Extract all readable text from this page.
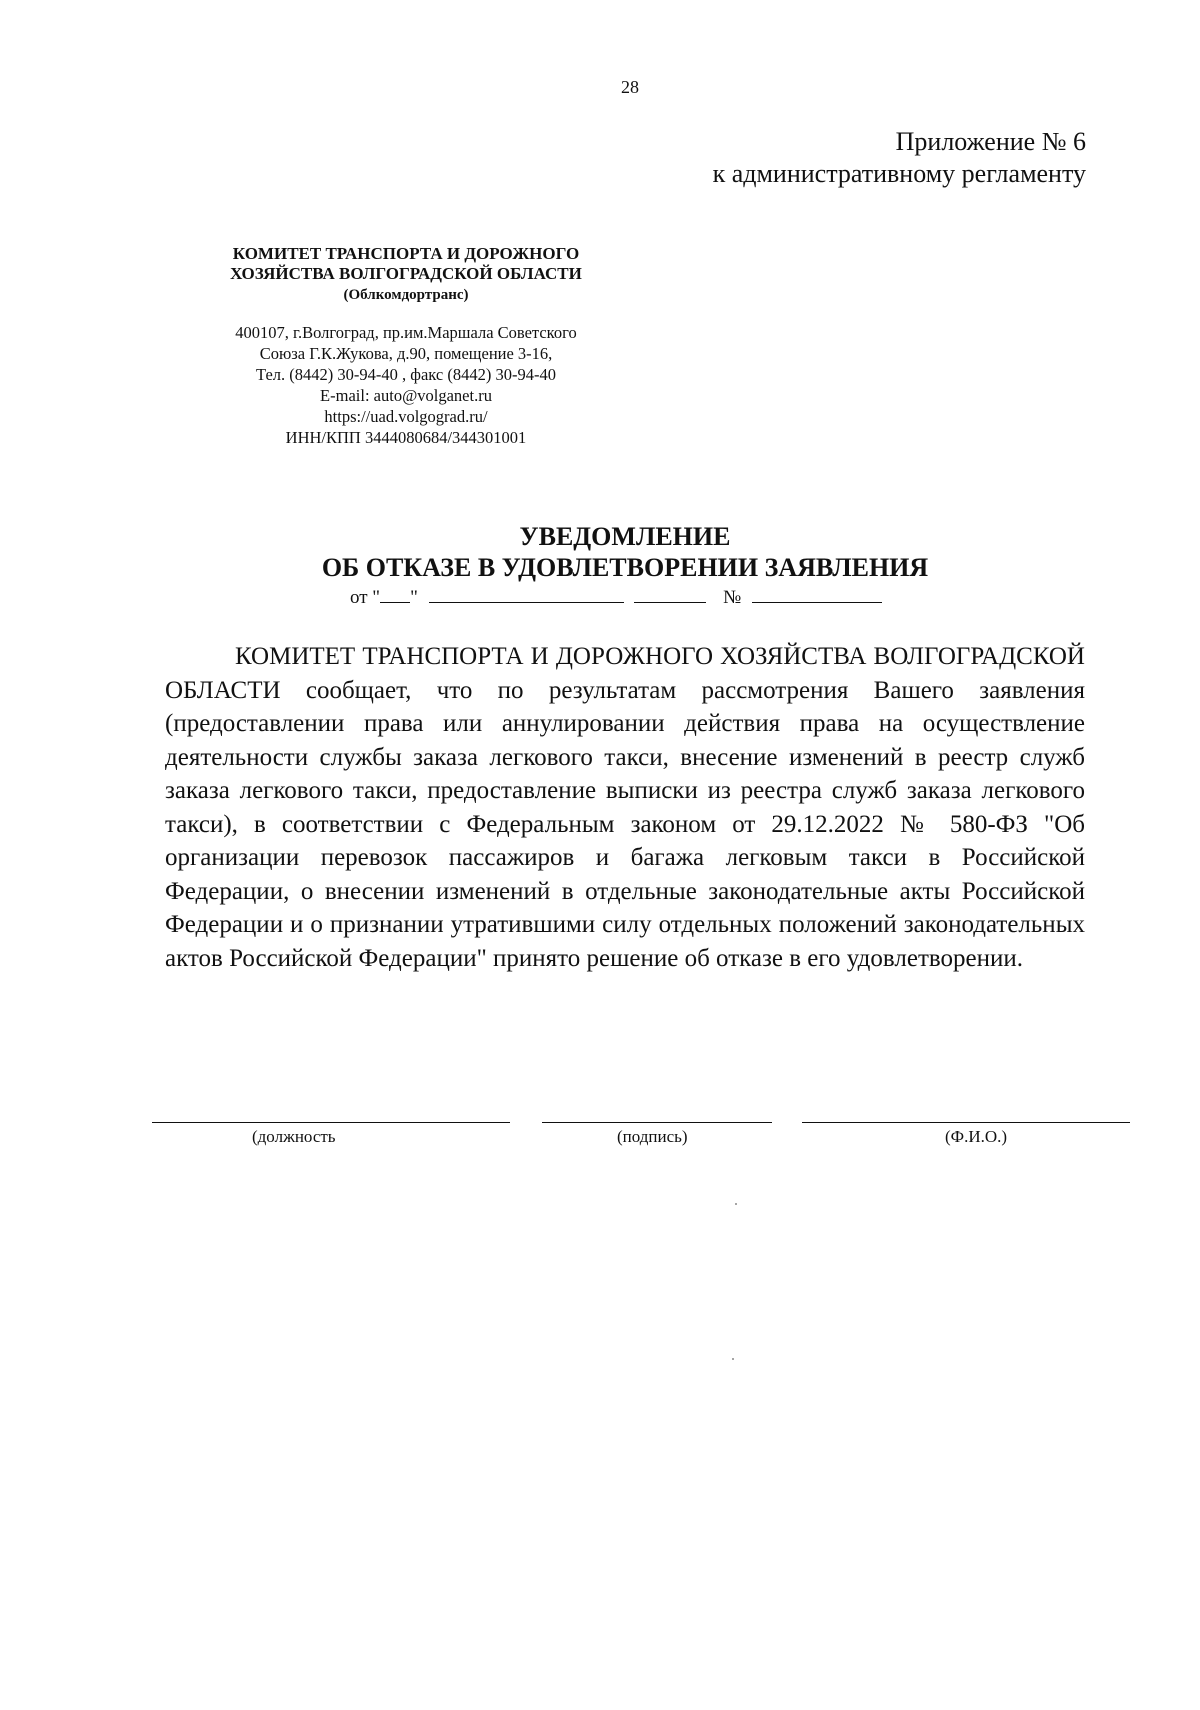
28
Приложение № 6
к административному регламенту
КОМИТЕТ ТРАНСПОРТА И ДОРОЖНОГО
ХОЗЯЙСТВА ВОЛГОГРАДСКОЙ ОБЛАСТИ
(Облкомдортранс)
400107, г.Волгоград, пр.им.Маршала Советского
Союза Г.К.Жукова, д.90, помещение 3-16,
Тел. (8442) 30-94-40 , факс (8442) 30-94-40
E-mail: auto@volganet.ru
https://uad.volgograd.ru/
ИНН/КПП 3444080684/344301001
УВЕДОМЛЕНИЕ
ОБ ОТКАЗЕ В УДОВЛЕТВОРЕНИИ ЗАЯВЛЕНИЯ
от " "	№
КОМИТЕТ ТРАНСПОРТА И ДОРОЖНОГО ХОЗЯЙСТВА ВОЛГОГРАДСКОЙ ОБЛАСТИ сообщает, что по результатам рассмотрения Вашего заявления (предоставлении права или аннулировании действия права на осуществление деятельности службы заказа легкового такси, внесение изменений в реестр служб заказа легкового такси, предоставление выписки из реестра служб заказа легкового такси), в соответствии с Федеральным законом от 29.12.2022 № 580-ФЗ "Об организации перевозок пассажиров и багажа легковым такси в Российской Федерации, о внесении изменений в отдельные законодательные акты Российской Федерации и о признании утратившими силу отдельных положений законодательных актов Российской Федерации" принято решение об отказе в его удовлетворении.
(должность	(подпись)	(Ф.И.О.)
